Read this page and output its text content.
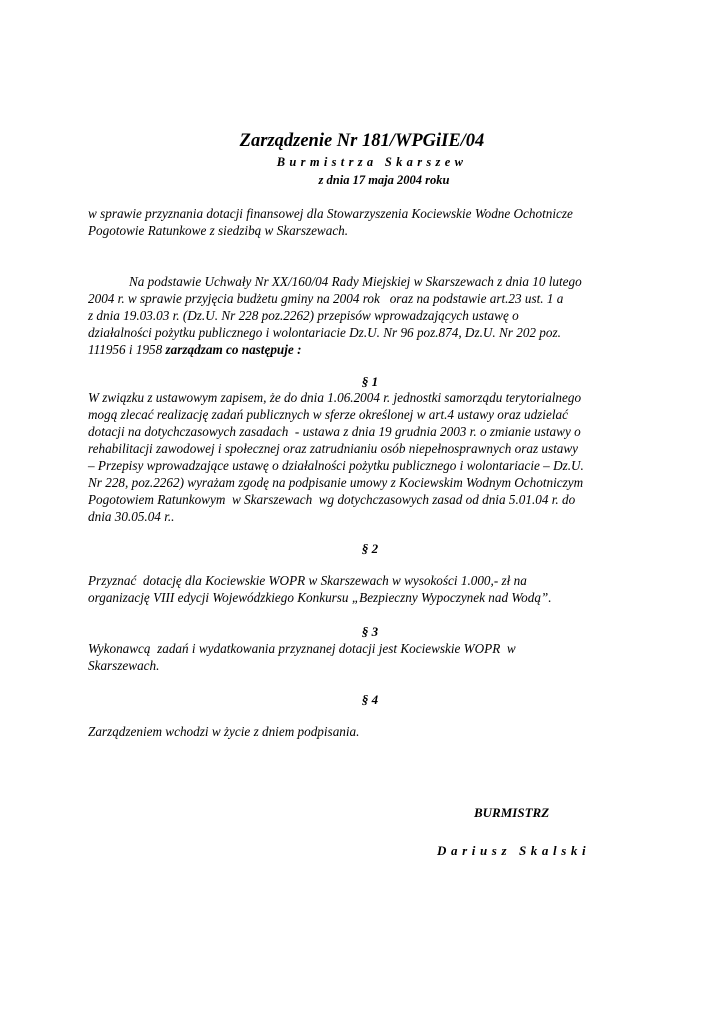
Zarządzenie Nr 181/WPGiIE/04
Burmistrza Skarszew
z dnia 17 maja 2004 roku
w sprawie przyznania dotacji finansowej dla Stowarzyszenia Kociewskie Wodne Ochotnicze
Pogotowie Ratunkowe z siedzibą w Skarszewach.
Na podstawie Uchwały Nr XX/160/04 Rady Miejskiej w Skarszewach z dnia 10 lutego
2004 r. w sprawie przyjęcia budżetu gminy na 2004 rok   oraz na podstawie art.23 ust. 1 a
z dnia 19.03.03 r. (Dz.U. Nr 228 poz.2262) przepisów wprowadzających ustawę o
działalności pożytku publicznego i wolontariacie Dz.U. Nr 96 poz.874, Dz.U. Nr 202 poz.
111956 i 1958 zarządzam co następuje :
§ 1
W związku z ustawowym zapisem, że do dnia 1.06.2004 r. jednostki samorządu terytorialnego
mogą zlecać realizację zadań publicznych w sferze określonej w art.4 ustawy oraz udzielać
dotacji na dotychczasowych zasadach  - ustawa z dnia 19 grudnia 2003 r. o zmianie ustawy o
rehabilitacji zawodowej i społecznej oraz zatrudnianiu osób niepełnosprawnych oraz ustawy
– Przepisy wprowadzające ustawę o działalności pożytku publicznego i wolontariacie – Dz.U.
Nr 228, poz.2262) wyrażam zgodę na podpisanie umowy z Kociewskim Wodnym Ochotniczym
Pogotowiem Ratunkowym  w Skarszewach  wg dotychczasowych zasad od dnia 5.01.04 r. do
dnia 30.05.04 r..
§ 2
Przyznać  dotację dla Kociewskie WOPR w Skarszewach w wysokości 1.000,- zł na
organizację VIII edycji Wojewódzkiego Konkursu „Bezpieczny Wypoczynek nad Wodą”.
§ 3
Wykonawcą  zadań i wydatkowania przyznanej dotacji jest Kociewskie WOPR  w
Skarszewach.
§ 4
Zarządzeniem wchodzi w życie z dniem podpisania.
BURMISTRZ
Dariusz Skalski
